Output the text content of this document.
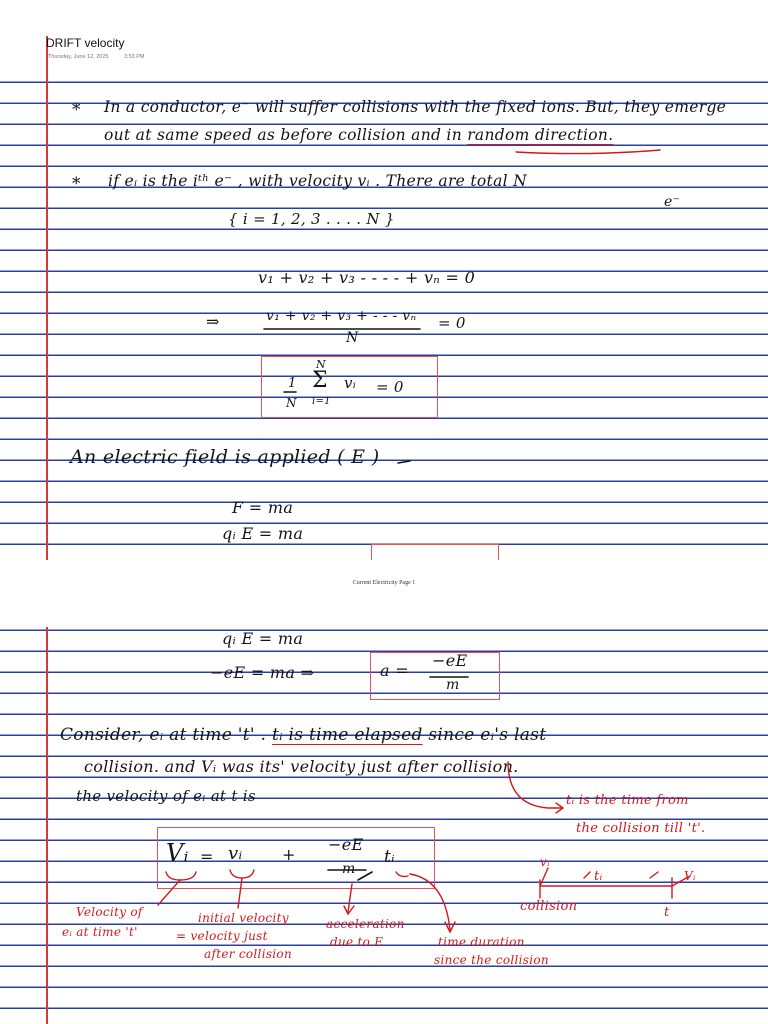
DRIFT velocity
Thursday, June 12, 2025	3:53 PM
* In a conductor, e⁻ will suffer collisions with the fixed ions. But, they emerge
out at same speed as before collision and in random direction.
* if eᵢ is the iᵗʰ e⁻ , with velocity vᵢ . There are total N
e⁻
{ i = 1, 2, 3 . . . . N }
v₁ + v₂ + v₃ - - - - + vₙ = 0
⇒	v₁ + v₂ + v₃ + - - - vₙ
N
= 0
1
N
N
Σ
i=1
vᵢ = 0
An electric field is applied ( E )
F = ma
qᵢ E = ma
Current Electricity Page 1
qᵢ E = ma
−eE = ma ⇒	a =
−eE
m
Consider, eᵢ at time 't' . tᵢ is time elapsed since eᵢ's last
collision. and Vᵢ was its' velocity just after collision.
the velocity of eᵢ at t is	tᵢ is the time from
the collision till 't'.
Vᵢ = vᵢ +
−eE
m
tᵢ
Velocity of
eᵢ at time 't'
initial velocity
= velocity just
after collision
acceleration
due to E	time duration
since the collision
vᵢ
tᵢ	Vᵢ
collision	t
